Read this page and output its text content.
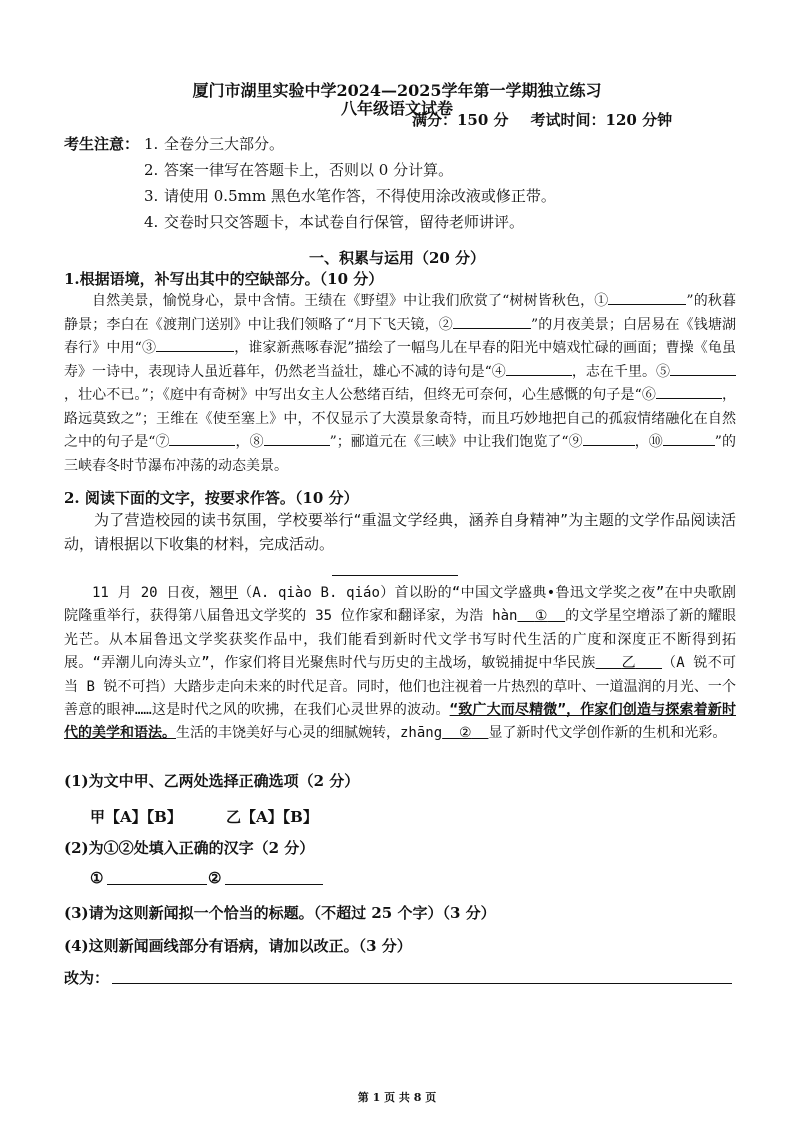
厦门市湖里实验中学2024—2025学年第一学期独立练习
八年级语文试卷
满分：150 分 考试时间：120 分钟
考生注意： 1. 全卷分三大部分。
2. 答案一律写在答题卡上，否则以 0 分计算。
3. 请使用 0.5mm 黑色水笔作答，不得使用涂改液或修正带。
4. 交卷时只交答题卡，本试卷自行保管，留待老师讲评。
一、积累与运用（20 分）
1.根据语境，补写出其中的空缺部分。（10 分）

自然美景，愉悦身心，景中含情。王绩在《野望》中让我们欣赏了“树树皆秋色，①	”的秋暮静景；李白在《渡荆门送别》中让我们领略了“月下飞天镜，②	”的月夜美景；白居易在《钱塘湖春行》中用“③	，谁家新燕啄春泥”描绘了一幅鸟儿在早春的阳光中嬉戏忙碌的画面；曹操《龟虽寿》一诗中，表现诗人虽近暮年，仍然老当益壮，雄心不减的诗句是“④	，志在千里。⑤，壮心不已。”；《庭中有奇树》中写出女主人公愁绪百结，但终无可奈何，心生感慨的句子是“⑥	，路远莫致之”；王维在《使至塞上》中，不仅显示了大漠景象奇特，而且巧妙地把自己的孤寂情绪融化在自然之中的句子是“⑦	，⑧	”；郦道元在《三峡》中让我们饱览了“⑨	，⑩	”的三峡春冬时节瀑布冲荡的动态美景。

2. 阅读下面的文字，按要求作答。（10 分）

为了营造校园的读书氛围，学校要举行“重温文学经典，涵养自身精神”为主题的文学作品阅读活动，请根据以下收集的材料，完成活动。

11 月 20 日夜，翘甲（A. qiào B. qiáo）首以盼的“中国文学盛典•鲁迅文学奖之夜”在中央歌剧院隆重举行，获得第八届鲁迅文学奖的 35 位作家和翻译家，为浩 hàn ① 的文学星空增添了新的耀眼光芒。从本届鲁迅文学奖获奖作品中，我们能看到新时代文学书写时代生活的广度和深度正不断得到拓展。“弄潮儿向涛头立”，作家们将目光聚焦时代与历史的主战场，敏锐捕捉中华民族 乙 （A 锐不可当 B 锐不可挡）大踏步走向未来的时代足音。同时，他们也注视着一片热烈的草叶、一道温润的月光、一个善意的眼神……这是时代之风的吹拂，在我们心灵世界的波动。“致广大而尽精微”，作家们创造与探索着新时代的美学和语法。生活的丰饶美好与心灵的细腻婉转，zhāng ② 显了新时代文学创作新的生机和光彩。

(1)为文中甲、乙两处选择正确选项（2 分）
甲【A】【B】	乙【A】【B】
(2)为①②处填入正确的汉字（2 分）
①	②
(3)请为这则新闻拟一个恰当的标题。（不超过 25 个字）（3 分）
(4)这则新闻画线部分有语病，请加以改正。（3 分）
改为：
第 1 页 共 8 页
